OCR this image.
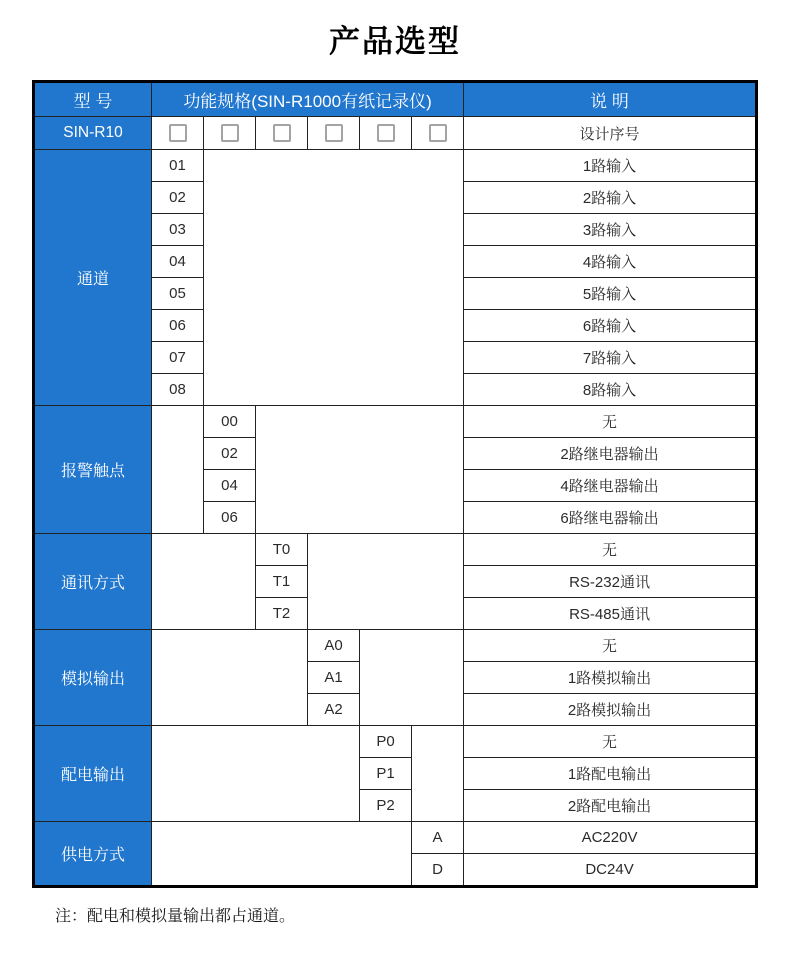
产品选型
型 号	功能规格(SIN-R1000有纸记录仪)						说 明
SIN-R10							设计序号
通道	01						1路输入
	02						2路输入
	03						3路输入
	04						4路输入
	05						5路输入
	06						6路输入
	07						7路输入
	08						8路输入
报警触点		00					无
		02					2路继电器输出
		04					4路继电器输出
		06					6路继电器输出
通讯方式			T0				无
			T1				RS-232通讯
			T2				RS-485通讯
模拟输出				A0			无
				A1			1路模拟输出
				A2			2路模拟输出
配电输出					P0		无
					P1		1路配电输出
					P2		2路配电输出
供电方式						A	AC220V
						D	DC24V

注：配电和模拟量输出都占通道。
